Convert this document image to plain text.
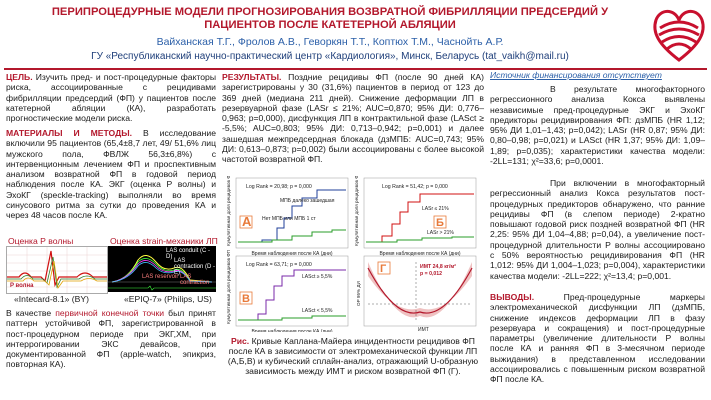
ПЕРИПРОЦЕДУРНЫЕ МОДЕЛИ ПРОГНОЗИРОВАНИЯ ВОЗВРАТНОЙ ФИБРИЛЛЯЦИИ ПРЕДСЕРДИЙ У ПАЦИЕНТОВ ПОСЛЕ КАТЕТЕРНОЙ АБЛЯЦИИ
Вайханская Т.Г., Фролов А.В., Геворкян Т.Т., Коптюх Т.М., Часнойть А.Р.
ГУ «Республиканский научно-практический центр «Кардиология», Минск, Беларусь (tat_vaikh@mail.ru)
ЦЕЛЬ. Изучить пред- и пост-процедурные факторы риска, ассоциированные с рецидивами фибрилляции предсердий (ФП) у пациентов после катетерной абляции (КА), разработать прогностические модели риска.
МАТЕРИАЛЫ И МЕТОДЫ. В исследование включили 95 пациентов (65,4±8,7 лет, 49/ 51,6% лиц мужского пола, ФВЛЖ 56,3±6,8%) с интервенционным лечением ФП и проспективным анализом возвратной ФП в годовой период наблюдения после КА. ЭКГ (оценка Р волны) и ЭхоКГ (speckle-tracking) выполняли во время синусового ритма за сутки до проведения КА и через 48 часов после КА.
Оценка Р волны	Оценка strain-механики ЛП
P волна
LAS conduit (C - D)
LAS contraction (D - E)
LAS reservoir LAS contraction
«Intecard-8.1» (BY)	«EPIQ-7» (Philips, US)
В качестве первичной конечной точки был принят паттерн устойчивой ФП, зарегистрированной в пост-процедурном периоде при ЭКГ,ХМ, при интеррогировании ЭКС девайсов, при документированной ФП (apple-watch, эпикриз, повторная КА).
РЕЗУЛЬТАТЫ. Поздние рецидивы ФП (после 90 дней КА) зарегистрированы у 30 (31,6%) пациентов в период от 123 до 369 дней (медиана 211 дней). Снижение деформации ЛП в резервуарной фазе (LASr ≤ 21%; AUC=0,870; 95% ДИ: 0,776–0,963; p=0,000), дисфункция ЛП в контрактильной фазе (LASct ≥ -5,5%; AUC=0,803; 95% ДИ: 0,713–0,942; p=0,001) и далее зашедшая межпредсердная блокада (дзМПБ: AUC=0,743; 95% ДИ: 0,613–0,873; p=0,002) были ассоциированы с более высокой частотой возвратной ФП.
Log Rank = 20,98; p = 0,000
МПБ далеко зашедшая
Нет МПБ или МПБ 1 ст
А
Log Rank = 51,42; p = 0,000
LASr ≤ 21%
LASr > 21%
Б
Log Rank = 63,71; p = 0,000
LASct ≥ 5,5%
LASct < 5,5%
В
ИМТ 24,8 кг/м²
p = 0,012
ИМТ
Г
Время наблюдения после КА (дни)	Время наблюдения после КА (дни)
Время наблюдения после КА (дни)
Кумулятивная доля рецидивов ФП	Кумулятивная доля рецидивов ФП
Кумулятивная доля рецидивов ФП	ОР 95% ДИ
Рис. Кривые Каплана-Майера инцидентности рецидивов ФП после КА в зависимости от электромеханической функции ЛП (А,Б,В) и кубический сплайн-анализ, отражающий U-образную зависимость между ИМТ и риском возвратной ФП (Г).
Источник финансирования отсутствует
В результате многофакторного регрессионного анализа Кокса выявлены независимые пред-процедурные ЭКГ и ЭхоКГ предикторы рецидивирования ФП: дзМПБ (HR 1,12; 95% ДИ 1,01–1,43; p=0,042); LASr (HR 0,87; 95% ДИ: 0,80–0,98; p=0,021) и LASct (HR 1,37; 95% ДИ: 1,09–1,89; p=0,035); характеристики качества модели: -2LL=131; χ²=33,6; p=0,0001.
При включении в многофакторный регрессионный анализ Кокса результатов пост-процедурных предикторов обнаружено, что ранние рецидивы ФП (в слепом периоде) 2-кратно повышают годовой риск поздней возвратной ФП (HR 2,25: 95% ДИ 1,04–4,88; p=0,04), а увеличение пост-процедурной длительности Р волны ассоциировано с 50% вероятностью рецидивирования ФП (HR 1,012: 95% ДИ 1,004–1,023; p=0,004), характеристики качества модели: -2LL=222; χ²=13,4; p=0,001.
ВЫВОДЫ. Пред-процедурные маркеры электромеханической дисфункции ЛП (дзМПБ, снижение индексов деформации ЛП в фазу резервуара и сокращения) и пост-процедурные параметры (увеличение длительности Р волны после КА и ранняя ФП в 3-месячном периоде выжидания) в представленном исследовании ассоциировались с повышенным риском возвратной ФП после КА.
